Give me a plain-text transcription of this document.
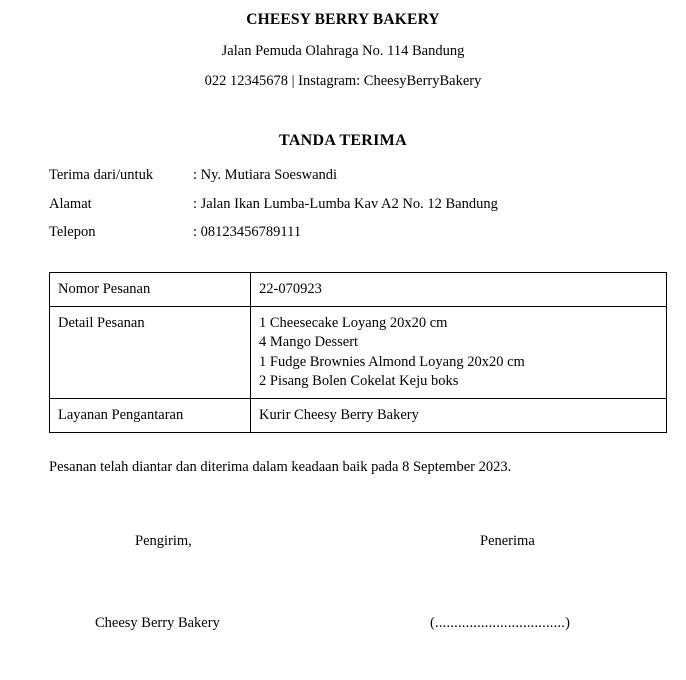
CHEESY BERRY BAKERY
Jalan Pemuda Olahraga No. 114 Bandung
022 12345678 | Instagram: CheesyBerryBakery
TANDA TERIMA
Terima dari/untuk	: Ny. Mutiara Soeswandi
Alamat	: Jalan Ikan Lumba-Lumba Kav A2 No. 12 Bandung
Telepon	: 08123456789111
Nomor Pesanan	22-070923
Detail Pesanan	1 Cheesecake Loyang 20x20 cm
4 Mango Dessert
1 Fudge Brownies Almond Loyang 20x20 cm
2 Pisang Bolen Cokelat Keju boks

Layanan Pengantaran	Kurir Cheesy Berry Bakery
Pesanan telah diantar dan diterima dalam keadaan baik pada 8 September 2023.
Pengirim,	Penerima
Cheesy Berry Bakery	(..................................)
